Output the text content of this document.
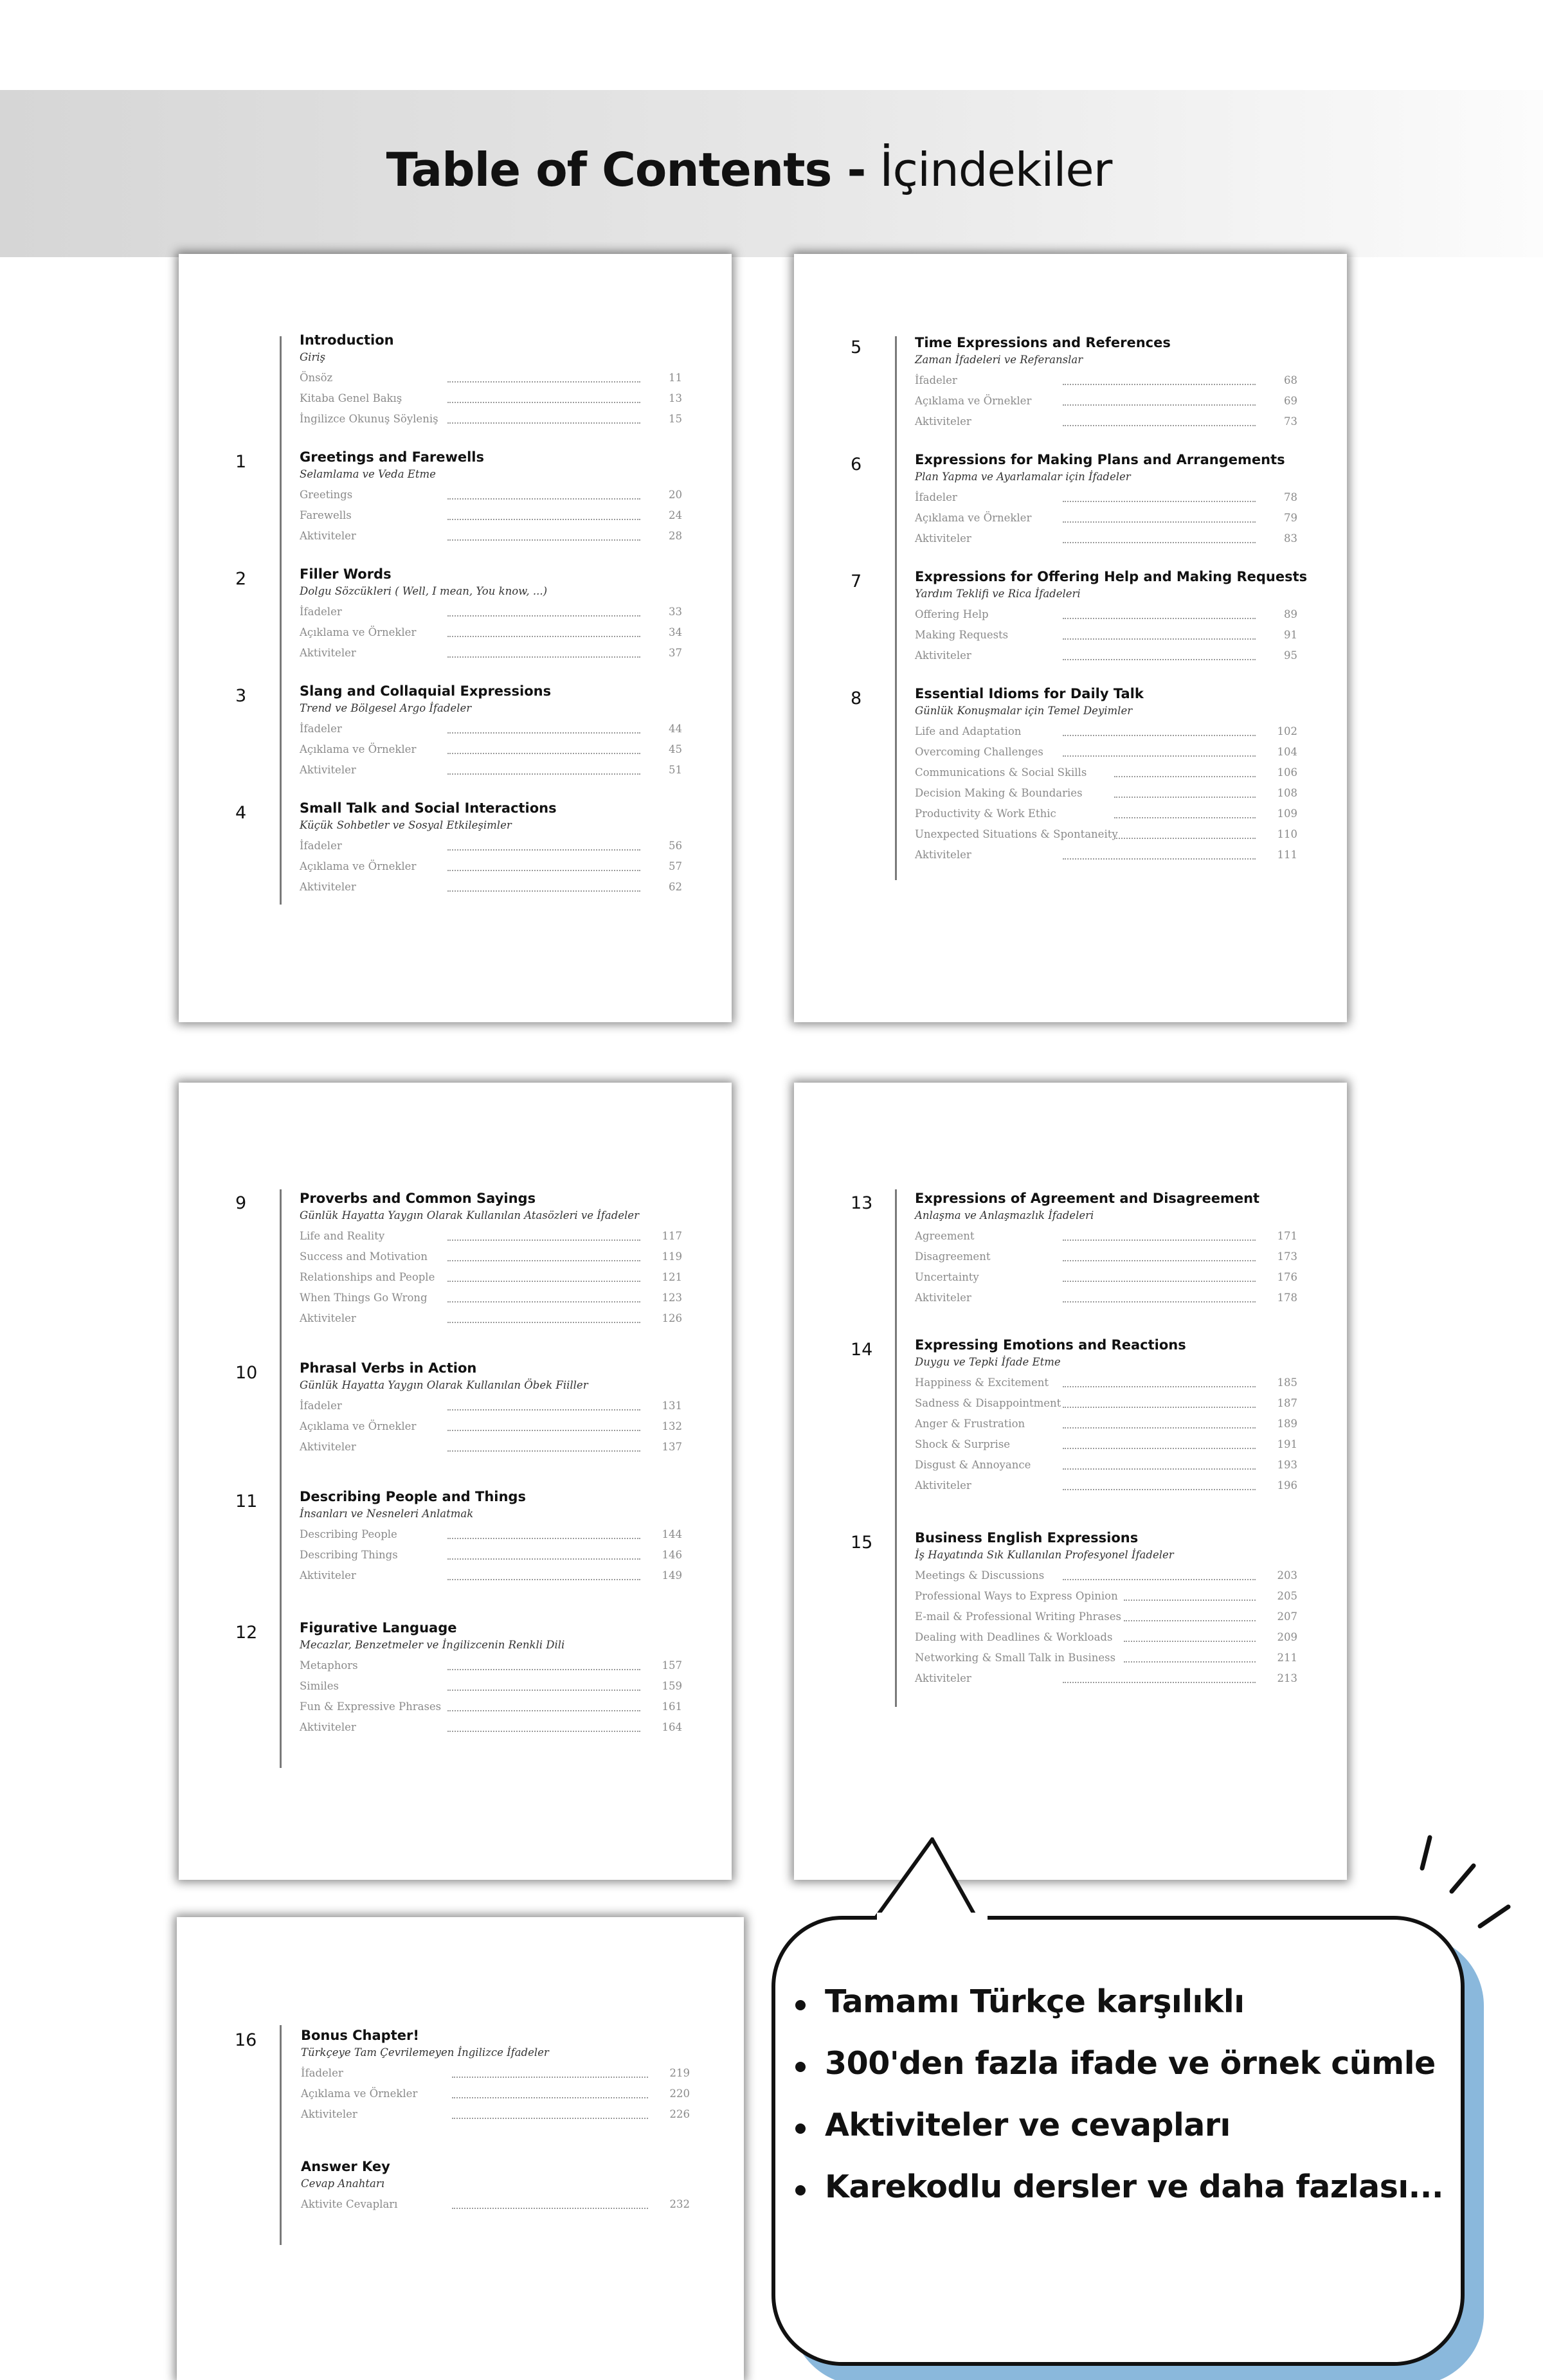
Table of Contents - İçindekiler
Introduction
Giriş
Önsöz	11
Kitaba Genel Bakış	13
İngilizce Okunuş Söyleniş	15
1	Greetings and Farewells
Selamlama ve Veda Etme
Greetings	20
Farewells	24
Aktiviteler	28
2	Filler Words
Dolgu Sözcükleri ( Well, I mean, You know, ...)
İfadeler	33
Açıklama ve Örnekler	34
Aktiviteler	37
3	Slang and Collaquial Expressions
Trend ve Bölgesel Argo İfadeler
İfadeler	44
Açıklama ve Örnekler	45
Aktiviteler	51
4	Small Talk and Social Interactions
Küçük Sohbetler ve Sosyal Etkileşimler
İfadeler	56
Açıklama ve Örnekler	57
Aktiviteler	62
5	Time Expressions and References
Zaman İfadeleri ve Referanslar
İfadeler	68
Açıklama ve Örnekler	69
Aktiviteler	73
6	Expressions for Making Plans and Arrangements
Plan Yapma ve Ayarlamalar için İfadeler
İfadeler	78
Açıklama ve Örnekler	79
Aktiviteler	83
7	Expressions for Offering Help and Making Requests
Yardım Teklifi ve Rica İfadeleri
Offering Help	89
Making Requests	91
Aktiviteler	95
8	Essential Idioms for Daily Talk
Günlük Konuşmalar için Temel Deyimler
Life and Adaptation	102
Overcoming Challenges	104
Communications & Social Skills	106
Decision Making & Boundaries	108
Productivity & Work Ethic	109
Unexpected Situations & Spontaneity	110
Aktiviteler	111
9	Proverbs and Common Sayings
Günlük Hayatta Yaygın Olarak Kullanılan Atasözleri ve İfadeler
Life and Reality	117
Success and Motivation	119
Relationships and People	121
When Things Go Wrong	123
Aktiviteler	126
10	Phrasal Verbs in Action
Günlük Hayatta Yaygın Olarak Kullanılan Öbek Fiiller
İfadeler	131
Açıklama ve Örnekler	132
Aktiviteler	137
11	Describing People and Things
İnsanları ve Nesneleri Anlatmak
Describing People	144
Describing Things	146
Aktiviteler	149
12	Figurative Language
Mecazlar, Benzetmeler ve İngilizcenin Renkli Dili
Metaphors	157
Similes	159
Fun & Expressive Phrases	161
Aktiviteler	164
13	Expressions of Agreement and Disagreement
Anlaşma ve Anlaşmazlık İfadeleri
Agreement	171
Disagreement	173
Uncertainty	176
Aktiviteler	178
14	Expressing Emotions and Reactions
Duygu ve Tepki İfade Etme
Happiness & Excitement	185
Sadness & Disappointment	187
Anger & Frustration	189
Shock & Surprise	191
Disgust & Annoyance	193
Aktiviteler	196
15	Business English Expressions
İş Hayatında Sık Kullanılan Profesyonel İfadeler
Meetings & Discussions	203
Professional Ways to Express Opinion	205
E-mail & Professional Writing Phrases	207
Dealing with Deadlines & Workloads	209
Networking & Small Talk in Business	211
Aktiviteler	213
16	Bonus Chapter!
Türkçeye Tam Çevrilemeyen İngilizce İfadeler
İfadeler	219
Açıklama ve Örnekler	220
Aktiviteler	226
Answer Key
Cevap Anahtarı
Aktivite Cevapları	232
Tamamı Türkçe karşılıklı
300'den fazla ifade ve örnek cümle
Aktiviteler ve cevapları
Karekodlu dersler ve daha fazlası...
